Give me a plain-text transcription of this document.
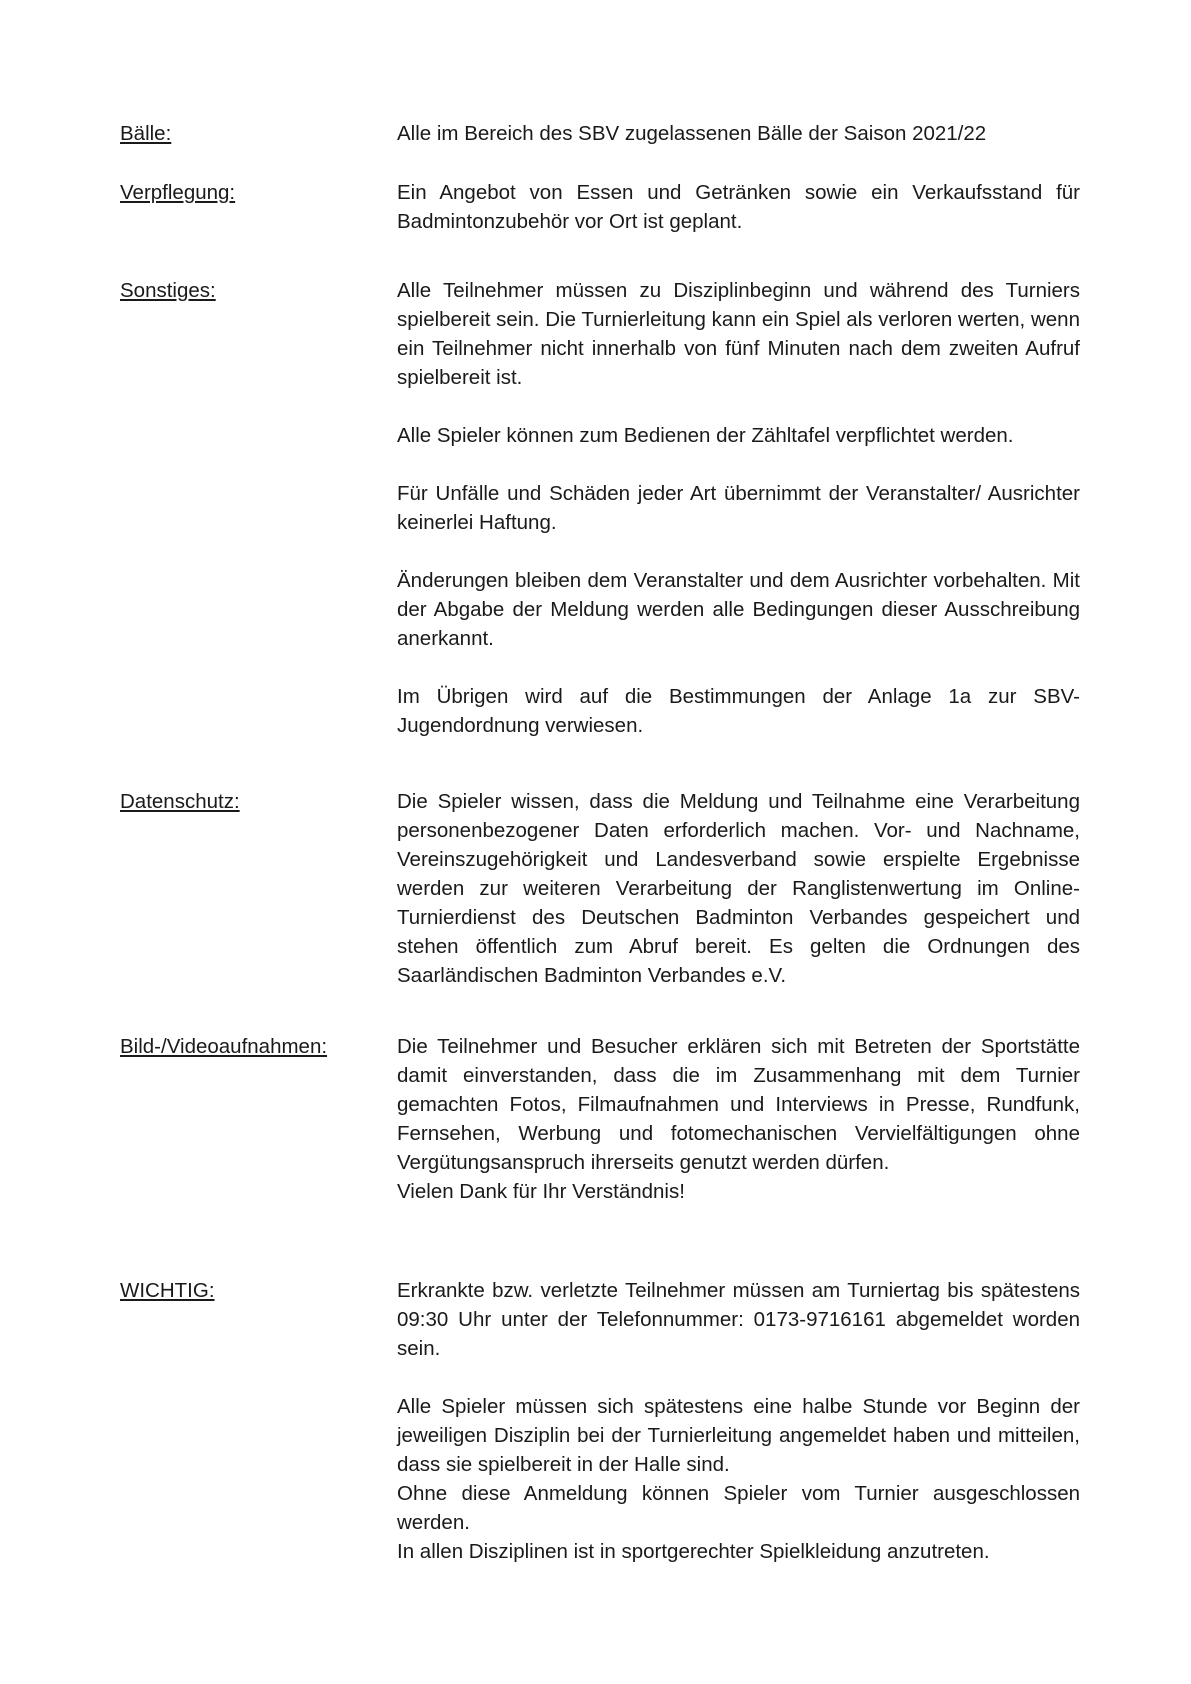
Bälle:	Alle im Bereich des SBV zugelassenen Bälle der Saison 2021/22

Verpflegung:	Ein Angebot von Essen und Getränken sowie ein Verkaufsstand für Badmintonzubehör vor Ort ist geplant.

Sonstiges:	Alle Teilnehmer müssen zu Disziplinbeginn und während des Turniers spielbereit sein. Die Turnierleitung kann ein Spiel als verloren werten, wenn ein Teilnehmer nicht innerhalb von fünf Minuten nach dem zweiten Aufruf spielbereit ist.

Alle Spieler können zum Bedienen der Zähltafel verpflichtet werden.

Für Unfälle und Schäden jeder Art übernimmt der Veranstalter/ Ausrichter keinerlei Haftung.

Änderungen bleiben dem Veranstalter und dem Ausrichter vorbehalten. Mit der Abgabe der Meldung werden alle Bedingungen dieser Ausschreibung anerkannt.

Im Übrigen wird auf die Bestimmungen der Anlage 1a zur SBV-Jugendordnung verwiesen.

Datenschutz:	Die Spieler wissen, dass die Meldung und Teilnahme eine Verarbeitung personenbezogener Daten erforderlich machen. Vor- und Nachname, Vereinszugehörigkeit und Landesverband sowie erspielte Ergebnisse werden zur weiteren Verarbeitung der Ranglistenwertung im Online-Turnierdienst des Deutschen Badminton Verbandes gespeichert und stehen öffentlich zum Abruf bereit. Es gelten die Ordnungen des Saarländischen Badminton Verbandes e.V.

Bild-/Videoaufnahmen:	Die Teilnehmer und Besucher erklären sich mit Betreten der Sportstätte damit einverstanden, dass die im Zusammenhang mit dem Turnier gemachten Fotos, Filmaufnahmen und Interviews in Presse, Rundfunk, Fernsehen, Werbung und fotomechanischen Vervielfältigungen ohne Vergütungsanspruch ihrerseits genutzt werden dürfen.

Vielen Dank für Ihr Verständnis!

WICHTIG:	Erkrankte bzw. verletzte Teilnehmer müssen am Turniertag bis spätestens 09:30 Uhr unter der Telefonnummer: 0173-9716161 abgemeldet worden sein.

Alle Spieler müssen sich spätestens eine halbe Stunde vor Beginn der jeweiligen Disziplin bei der Turnierleitung angemeldet haben und mitteilen, dass sie spielbereit in der Halle sind.

Ohne diese Anmeldung können Spieler vom Turnier ausgeschlossen werden.

In allen Disziplinen ist in sportgerechter Spielkleidung anzutreten.
